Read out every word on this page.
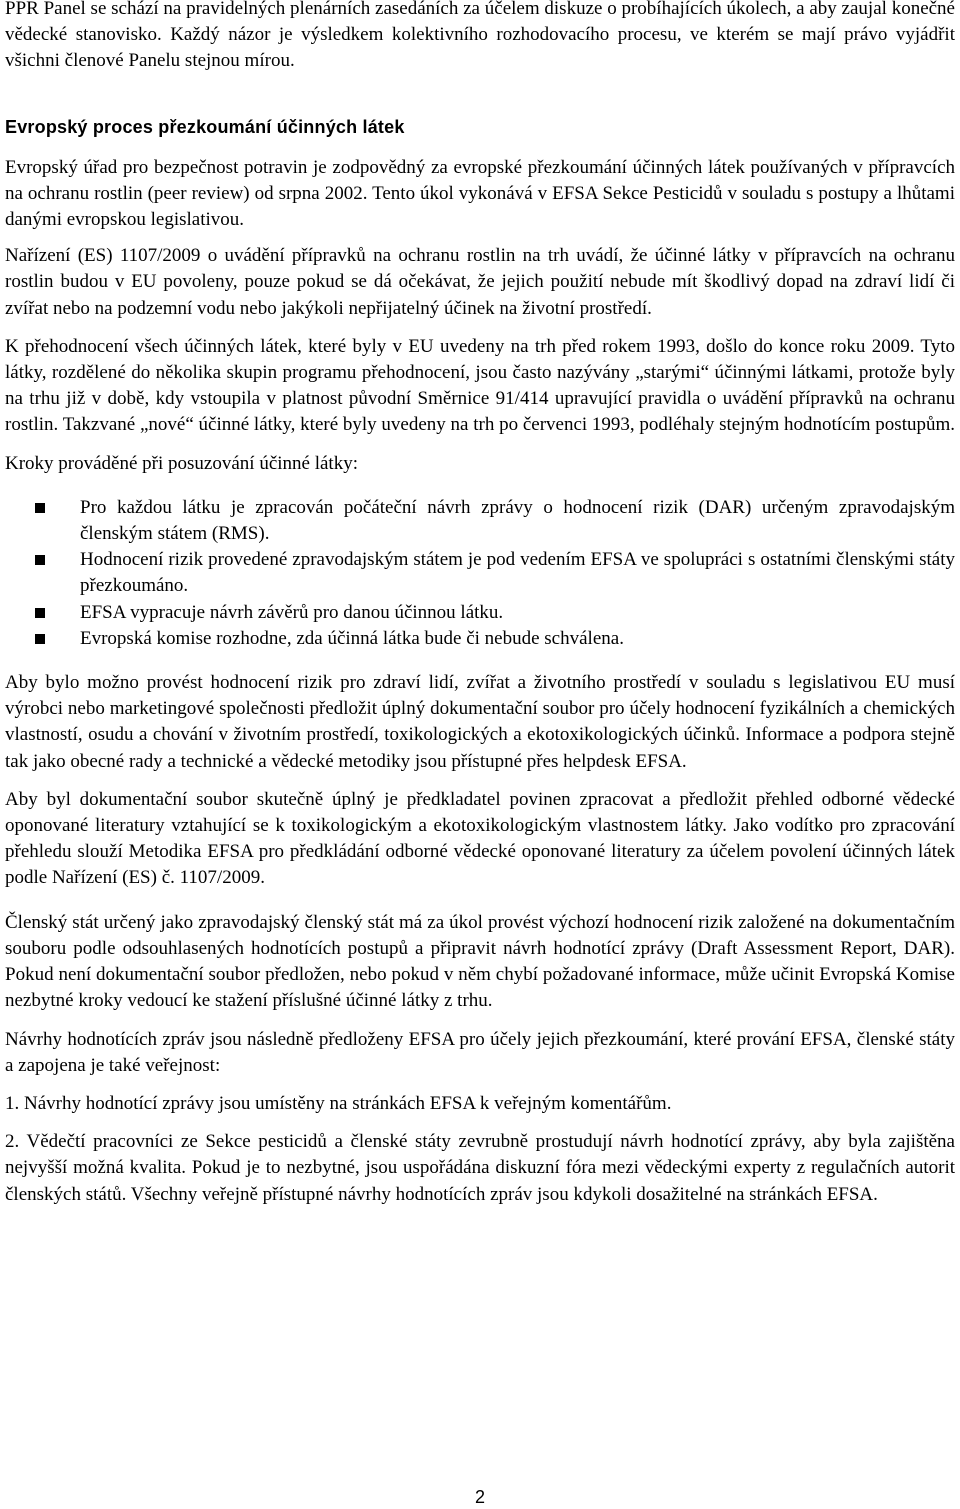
PPR Panel se schází na pravidelných plenárních zasedáních za účelem diskuze o probíhajících úkolech, a aby zaujal konečné vědecké stanovisko. Každý názor je výsledkem kolektivního rozhodovacího procesu, ve kterém se mají právo vyjádřit všichni členové Panelu stejnou mírou.

Evropský proces přezkoumání účinných látek

Evropský úřad pro bezpečnost potravin je zodpovědný za evropské přezkoumání účinných látek používaných v přípravcích na ochranu rostlin (peer review) od srpna 2002. Tento úkol vykonává v EFSA Sekce Pesticidů v souladu s postupy a lhůtami danými evropskou legislativou.

Nařízení (ES) 1107/2009 o uvádění přípravků na ochranu rostlin na trh uvádí, že účinné látky v přípravcích na ochranu rostlin budou v EU povoleny, pouze pokud se dá očekávat, že jejich použití nebude mít škodlivý dopad na zdraví lidí či zvířat nebo na podzemní vodu nebo jakýkoli nepřijatelný účinek na životní prostředí.

K přehodnocení všech účinných látek, které byly v EU uvedeny na trh před rokem 1993, došlo do konce roku 2009. Tyto látky, rozdělené do několika skupin programu přehodnocení, jsou často nazývány „starými“ účinnými látkami, protože byly na trhu již v době, kdy vstoupila v platnost původní Směrnice 91/414 upravující pravidla o uvádění přípravků na ochranu rostlin. Takzvané „nové“ účinné látky, které byly uvedeny na trh po červenci 1993, podléhaly stejným hodnotícím postupům.

Kroky prováděné při posuzování účinné látky:

Pro každou látku je zpracován počáteční návrh zprávy o hodnocení rizik (DAR) určeným zpravodajským členským státem (RMS).
Hodnocení rizik provedené zpravodajským státem je pod vedením EFSA ve spolupráci s ostatními členskými státy přezkoumáno.
EFSA vypracuje návrh závěrů pro danou účinnou látku.
Evropská komise rozhodne, zda účinná látka bude či nebude schválena.

Aby bylo možno provést hodnocení rizik pro zdraví lidí, zvířat a životního prostředí v souladu s legislativou EU musí výrobci nebo marketingové společnosti předložit úplný dokumentační soubor pro účely hodnocení fyzikálních a chemických vlastností, osudu a chování v životním prostředí, toxikologických a ekotoxikologických účinků. Informace a podpora stejně tak jako obecné rady a technické a vědecké metodiky jsou přístupné přes helpdesk EFSA.

Aby byl dokumentační soubor skutečně úplný je předkladatel povinen zpracovat a předložit přehled odborné vědecké oponované literatury vztahující se k toxikologickým a ekotoxikologickým vlastnostem látky. Jako vodítko pro zpracování přehledu slouží Metodika EFSA pro předkládání odborné vědecké oponované literatury za účelem povolení účinných látek podle Nařízení (ES) č. 1107/2009.

Členský stát určený jako zpravodajský členský stát má za úkol provést výchozí hodnocení rizik založené na dokumentačním souboru podle odsouhlasených hodnotících postupů a připravit návrh hodnotící zprávy (Draft Assessment Report, DAR). Pokud není dokumentační soubor předložen, nebo pokud v něm chybí požadované informace, může učinit Evropská Komise nezbytné kroky vedoucí ke stažení příslušné účinné látky z trhu.

Návrhy hodnotících zpráv jsou následně předloženy EFSA pro účely jejich přezkoumání, které prování EFSA, členské státy a zapojena je také veřejnost:

1. Návrhy hodnotící zprávy jsou umístěny na stránkách EFSA k veřejným komentářům.

2. Vědečtí pracovníci ze Sekce pesticidů a členské státy zevrubně prostudují návrh hodnotící zprávy, aby byla zajištěna nejvyšší možná kvalita. Pokud je to nezbytné, jsou uspořádána diskuzní fóra mezi vědeckými experty z regulačních autorit členských států. Všechny veřejně přístupné návrhy hodnotících zpráv jsou kdykoli dosažitelné na stránkách EFSA.

2
